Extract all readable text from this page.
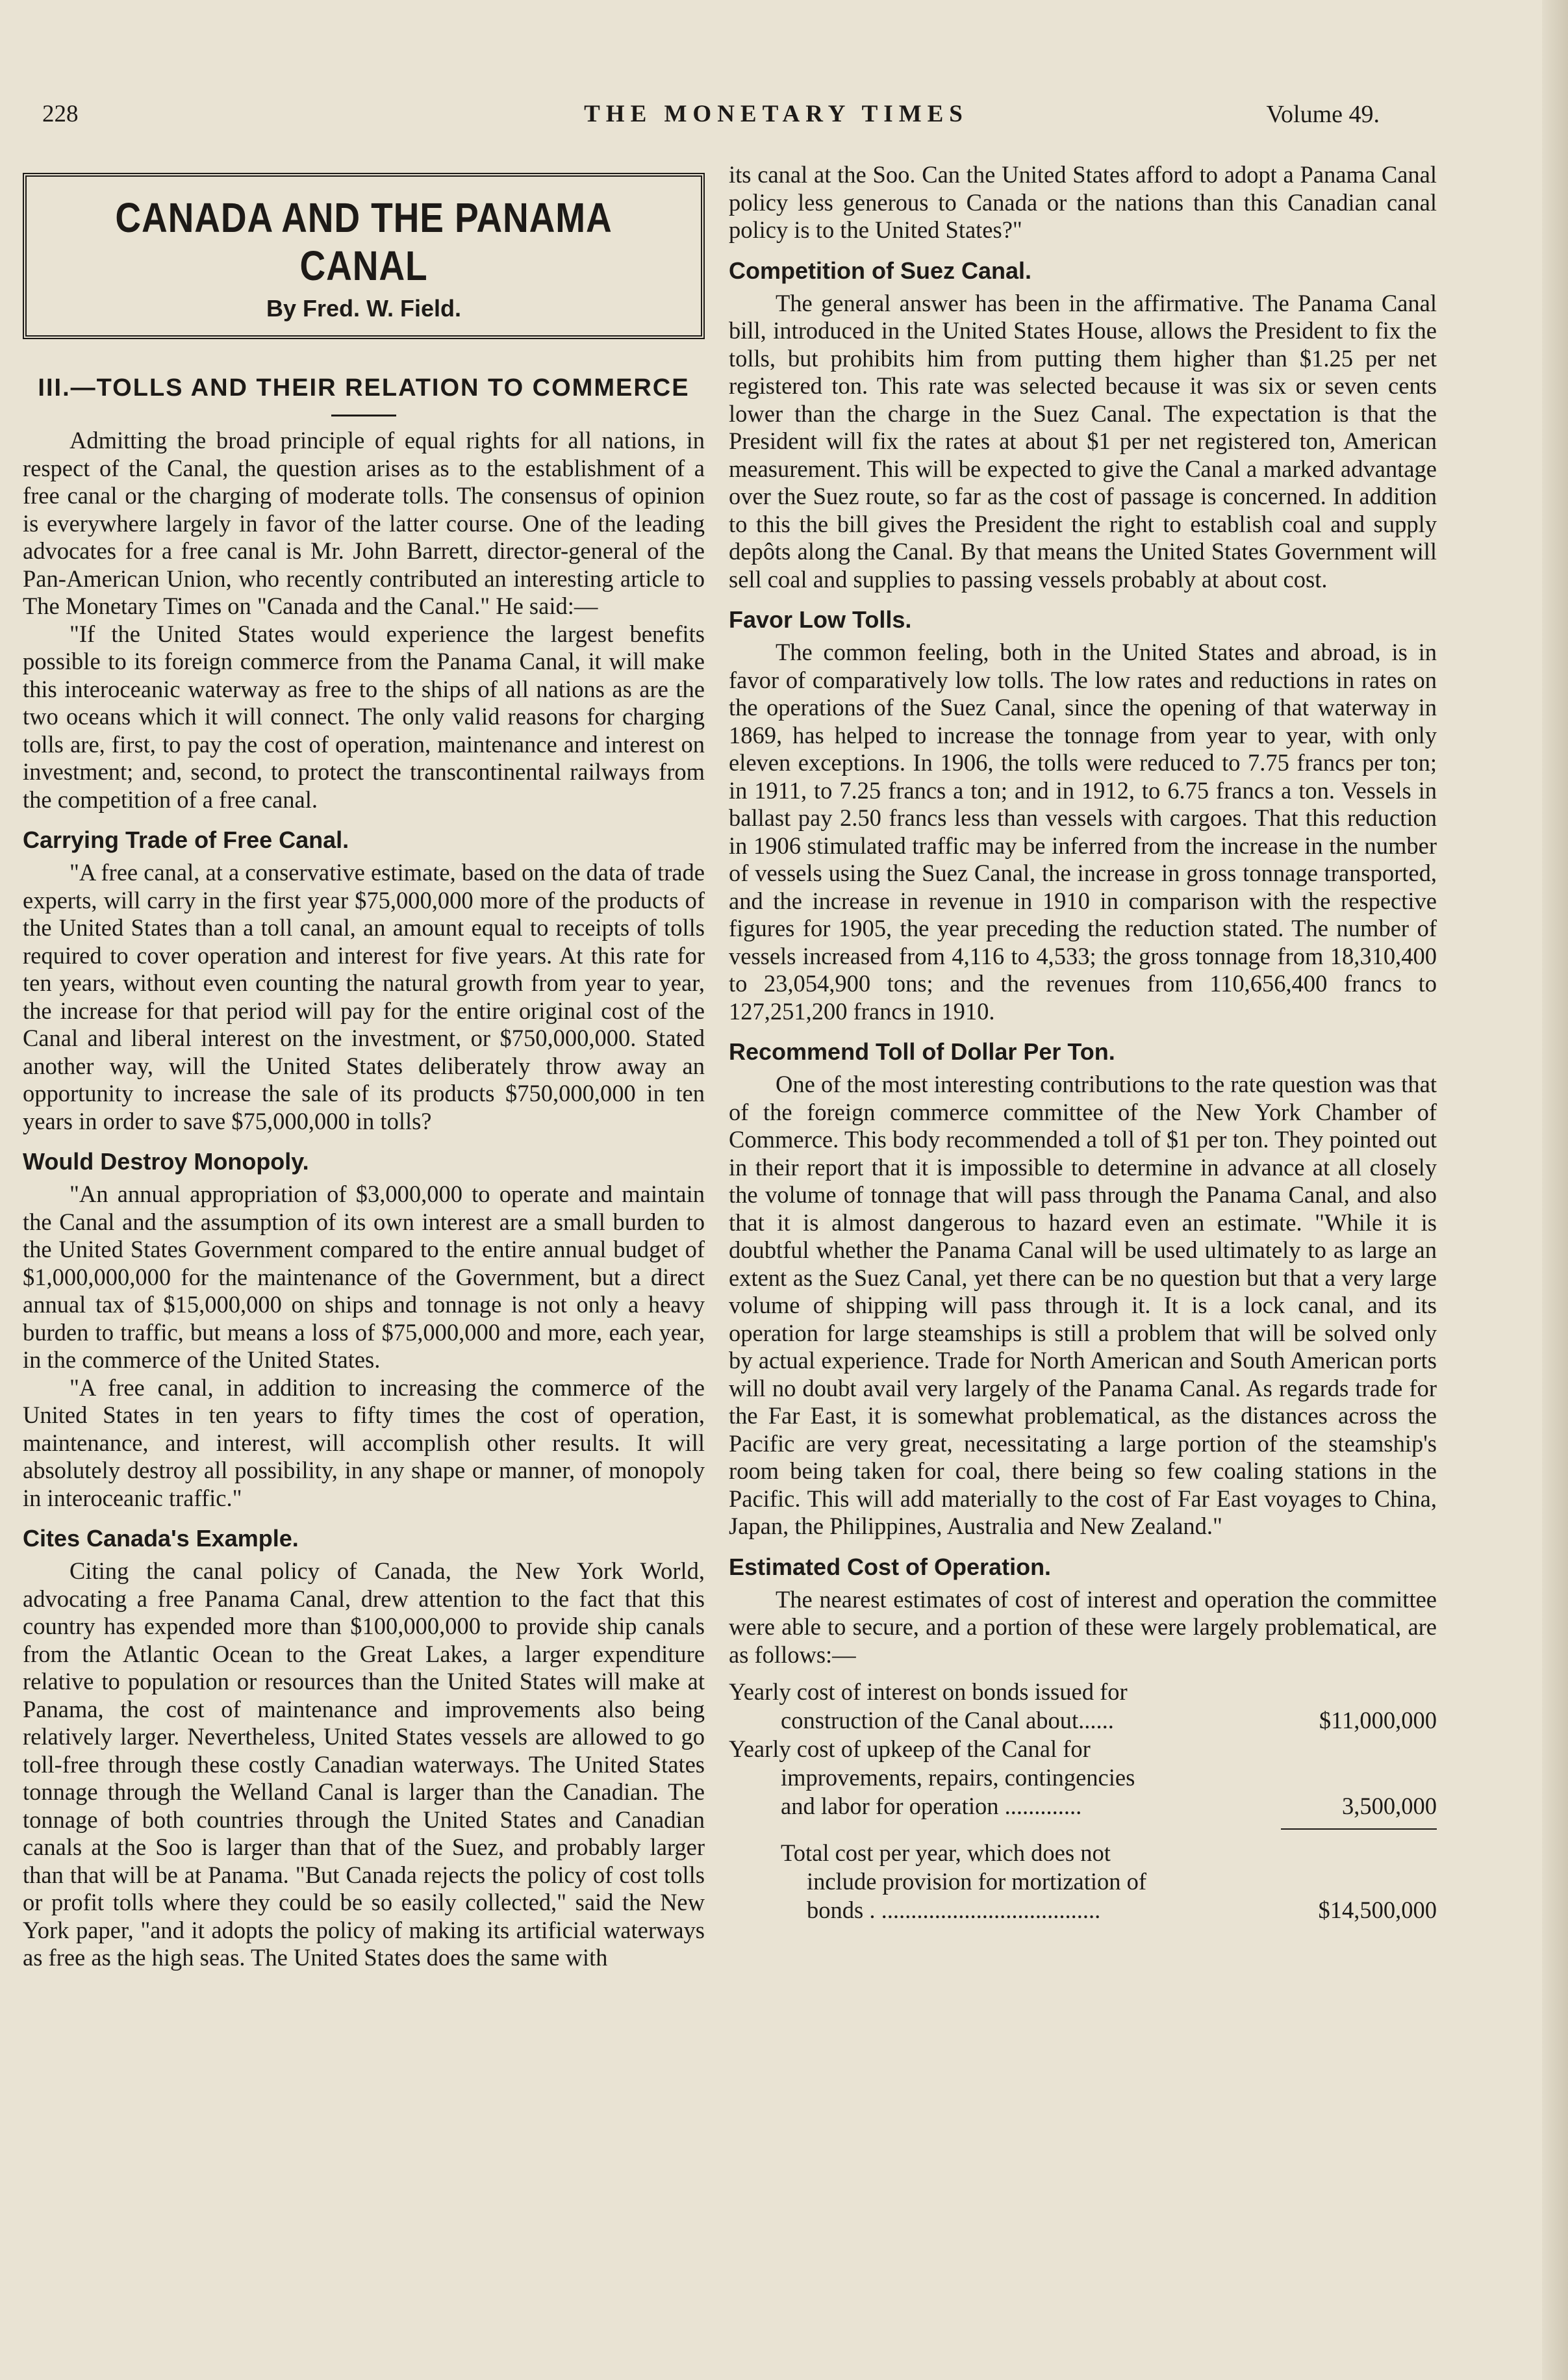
228	THE MONETARY TIMES	Volume 49.
CANADA AND THE PANAMA CANAL
By Fred. W. Field.
III.—TOLLS AND THEIR RELATION TO COMMERCE

Admitting the broad principle of equal rights for all nations, in respect of the Canal, the question arises as to the establishment of a free canal or the charging of moderate tolls. The consensus of opinion is everywhere largely in favor of the latter course. One of the leading advocates for a free canal is Mr. John Barrett, director-general of the Pan-American Union, who recently contributed an interesting article to The Monetary Times on "Canada and the Canal." He said:—

"If the United States would experience the largest benefits possible to its foreign commerce from the Panama Canal, it will make this interoceanic waterway as free to the ships of all nations as are the two oceans which it will connect. The only valid reasons for charging tolls are, first, to pay the cost of operation, maintenance and interest on investment; and, second, to protect the transcontinental railways from the competition of a free canal.

Carrying Trade of Free Canal.

"A free canal, at a conservative estimate, based on the data of trade experts, will carry in the first year $75,000,000 more of the products of the United States than a toll canal, an amount equal to receipts of tolls required to cover operation and interest for five years. At this rate for ten years, without even counting the natural growth from year to year, the increase for that period will pay for the entire original cost of the Canal and liberal interest on the investment, or $750,000,000. Stated another way, will the United States deliberately throw away an opportunity to increase the sale of its products $750,000,000 in ten years in order to save $75,000,000 in tolls?

Would Destroy Monopoly.

"An annual appropriation of $3,000,000 to operate and maintain the Canal and the assumption of its own interest are a small burden to the United States Government compared to the entire annual budget of $1,000,000,000 for the maintenance of the Government, but a direct annual tax of $15,000,000 on ships and tonnage is not only a heavy burden to traffic, but means a loss of $75,000,000 and more, each year, in the commerce of the United States.

"A free canal, in addition to increasing the commerce of the United States in ten years to fifty times the cost of operation, maintenance, and interest, will accomplish other results. It will absolutely destroy all possibility, in any shape or manner, of monopoly in interoceanic traffic."

Cites Canada's Example.

Citing the canal policy of Canada, the New York World, advocating a free Panama Canal, drew attention to the fact that this country has expended more than $100,000,000 to provide ship canals from the Atlantic Ocean to the Great Lakes, a larger expenditure relative to population or resources than the United States will make at Panama, the cost of maintenance and improvements also being relatively larger. Nevertheless, United States vessels are allowed to go toll-free through these costly Canadian waterways. The United States tonnage through the Welland Canal is larger than the Canadian. The tonnage of both countries through the United States and Canadian canals at the Soo is larger than that of the Suez, and probably larger than that will be at Panama. "But Canada rejects the policy of cost tolls or profit tolls where they could be so easily collected," said the New York paper, "and it adopts the policy of making its artificial waterways as free as the high seas. The United States does the same with

its canal at the Soo. Can the United States afford to adopt a Panama Canal policy less generous to Canada or the nations than this Canadian canal policy is to the United States?"

Competition of Suez Canal.

The general answer has been in the affirmative. The Panama Canal bill, introduced in the United States House, allows the President to fix the tolls, but prohibits him from putting them higher than $1.25 per net registered ton. This rate was selected because it was six or seven cents lower than the charge in the Suez Canal. The expectation is that the President will fix the rates at about $1 per net registered ton, American measurement. This will be expected to give the Canal a marked advantage over the Suez route, so far as the cost of passage is concerned. In addition to this the bill gives the President the right to establish coal and supply depôts along the Canal. By that means the United States Government will sell coal and supplies to passing vessels probably at about cost.

Favor Low Tolls.

The common feeling, both in the United States and abroad, is in favor of comparatively low tolls. The low rates and reductions in rates on the operations of the Suez Canal, since the opening of that waterway in 1869, has helped to increase the tonnage from year to year, with only eleven exceptions. In 1906, the tolls were reduced to 7.75 francs per ton; in 1911, to 7.25 francs a ton; and in 1912, to 6.75 francs a ton. Vessels in ballast pay 2.50 francs less than vessels with cargoes. That this reduction in 1906 stimulated traffic may be inferred from the increase in the number of vessels using the Suez Canal, the increase in gross tonnage transported, and the increase in revenue in 1910 in comparison with the respective figures for 1905, the year preceding the reduction stated. The number of vessels increased from 4,116 to 4,533; the gross tonnage from 18,310,400 to 23,054,900 tons; and the revenues from 110,656,400 francs to 127,251,200 francs in 1910.

Recommend Toll of Dollar Per Ton.

One of the most interesting contributions to the rate question was that of the foreign commerce committee of the New York Chamber of Commerce. This body recommended a toll of $1 per ton. They pointed out in their report that it is impossible to determine in advance at all closely the volume of tonnage that will pass through the Panama Canal, and also that it is almost dangerous to hazard even an estimate. "While it is doubtful whether the Panama Canal will be used ultimately to as large an extent as the Suez Canal, yet there can be no question but that a very large volume of shipping will pass through it. It is a lock canal, and its operation for large steamships is still a problem that will be solved only by actual experience. Trade for North American and South American ports will no doubt avail very largely of the Panama Canal. As regards trade for the Far East, it is somewhat problematical, as the distances across the Pacific are very great, necessitating a large portion of the steamship's room being taken for coal, there being so few coaling stations in the Pacific. This will add materially to the cost of Far East voyages to China, Japan, the Philippines, Australia and New Zealand."

Estimated Cost of Operation.

The nearest estimates of cost of interest and operation the committee were able to secure, and a portion of these were largely problematical, are as follows:—

Yearly cost of interest on bonds issued for
construction of the Canal about......	$11,000,000
Yearly cost of upkeep of the Canal for
improvements, repairs, contingencies
and labor for operation .............	3,500,000
Total cost per year, which does not
include provision for mortization of
bonds . .....................................	$14,500,000
